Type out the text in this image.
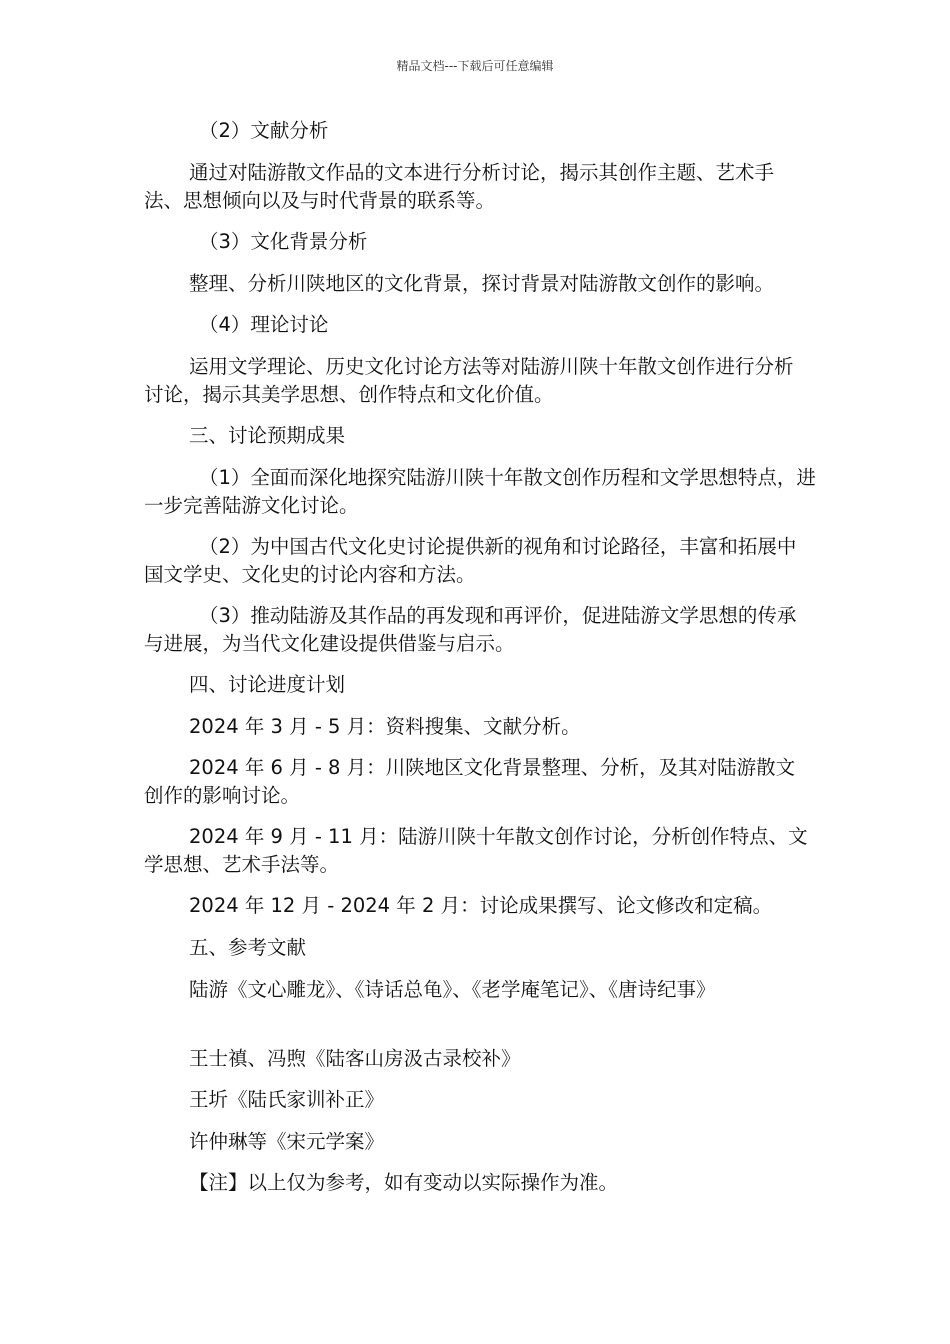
精品文档---下载后可任意编辑

（2）文献分析

通过对陆游散文作品的文本进行分析讨论，揭示其创作主题、艺术手法、思想倾向以及与时代背景的联系等。

（3）文化背景分析

整理、分析川陕地区的文化背景，探讨背景对陆游散文创作的影响。

（4）理论讨论

运用文学理论、历史文化讨论方法等对陆游川陕十年散文创作进行分析讨论，揭示其美学思想、创作特点和文化价值。

三、讨论预期成果

（1）全面而深化地探究陆游川陕十年散文创作历程和文学思想特点，进一步完善陆游文化讨论。

（2）为中国古代文化史讨论提供新的视角和讨论路径，丰富和拓展中国文学史、文化史的讨论内容和方法。

（3）推动陆游及其作品的再发现和再评价，促进陆游文学思想的传承与进展，为当代文化建设提供借鉴与启示。

四、讨论进度计划

2024 年 3 月 - 5 月：资料搜集、文献分析。

2024 年 6 月 - 8 月：川陕地区文化背景整理、分析，及其对陆游散文创作的影响讨论。

2024 年 9 月 - 11 月：陆游川陕十年散文创作讨论，分析创作特点、文学思想、艺术手法等。

2024 年 12 月 - 2024 年 2 月：讨论成果撰写、论文修改和定稿。

五、参考文献

陆游《文心雕龙》、《诗话总龟》、《老学庵笔记》、《唐诗纪事》

王士禛、冯煦《陆客山房汲古录校补》

王圻《陆氏家训补正》

许仲琳等《宋元学案》

【注】以上仅为参考，如有变动以实际操作为准。
